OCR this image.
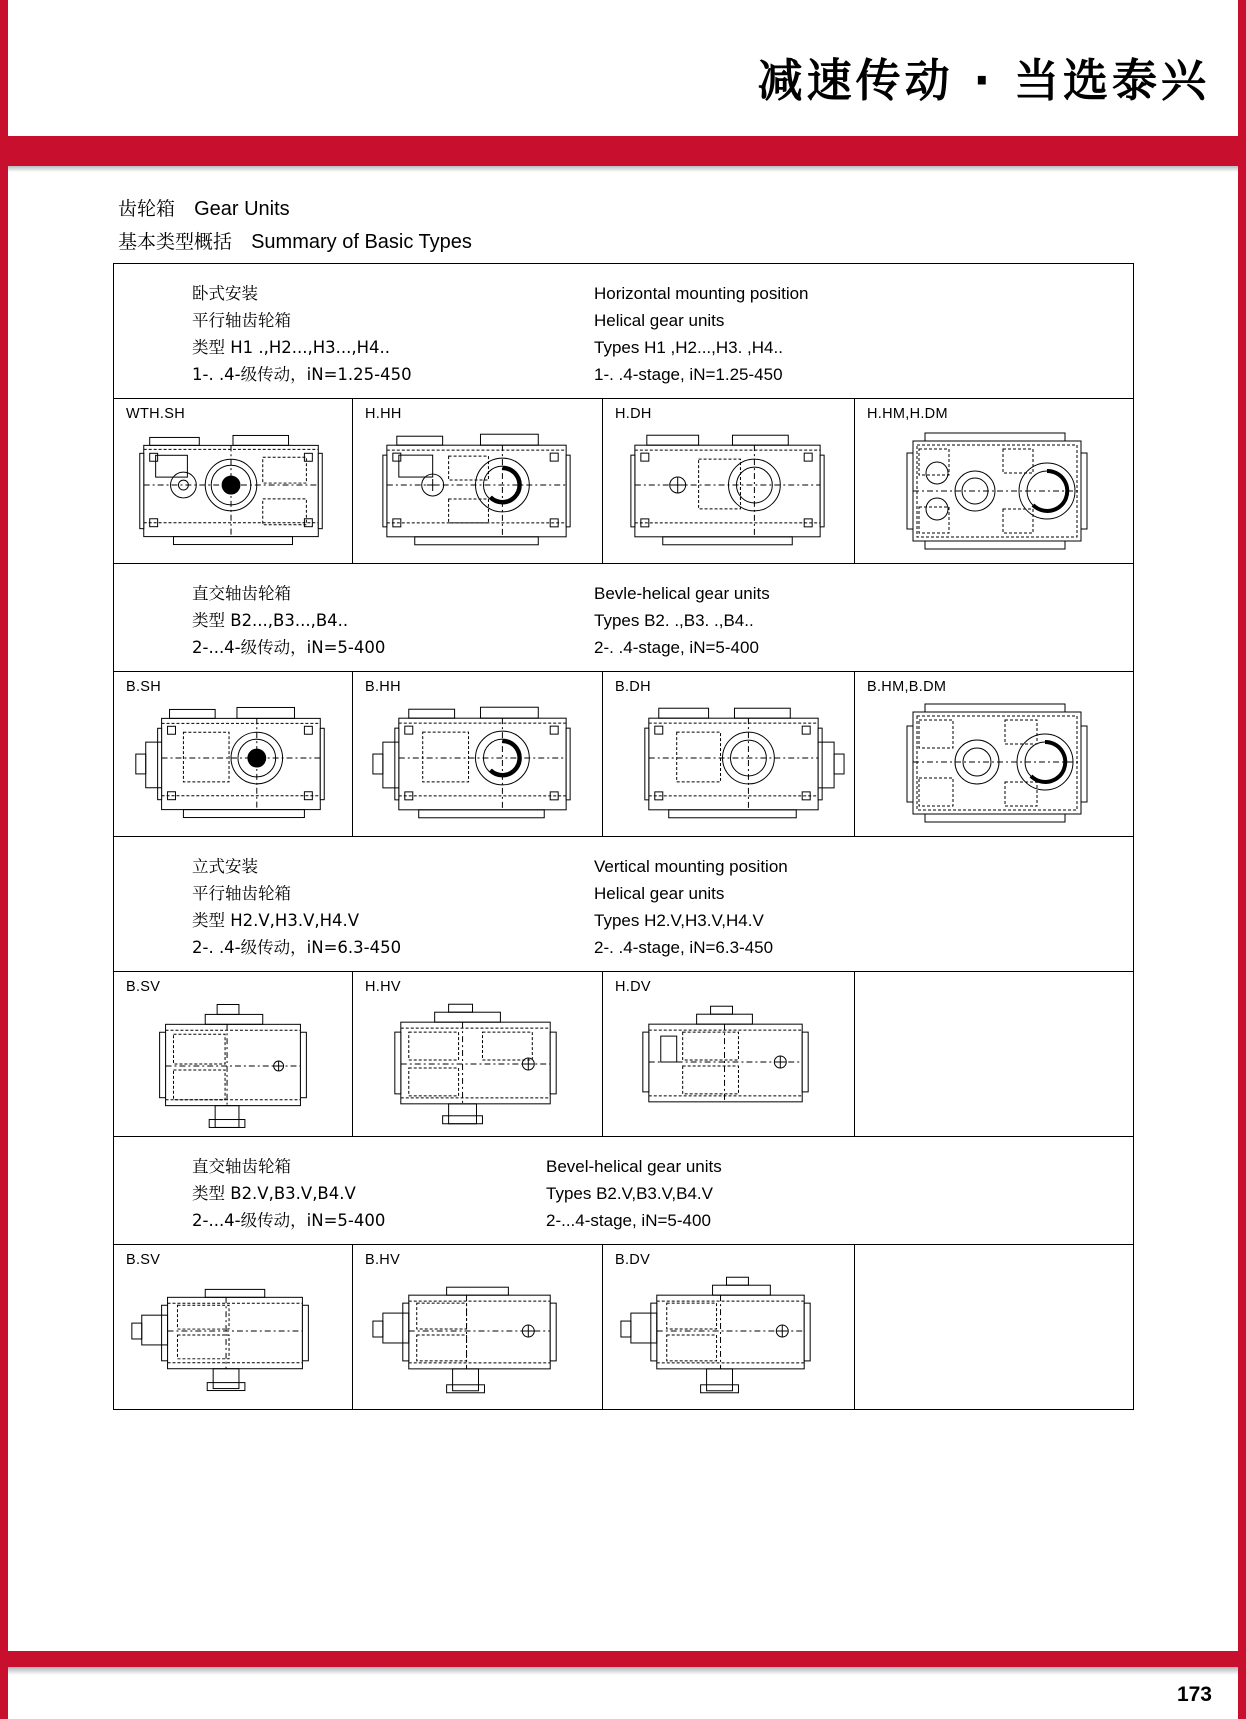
减速传动 · 当选泰兴
齿轮箱 Gear Units
基本类型概括 Summary of Basic Types
卧式安装
平行轴齿轮箱
类型 H1 .,H2...,H3...,H4..
1-. .4-级传动，iN=1.25-450
Horizontal mounting position
Helical gear units
Types H1 ,H2...,H3. ,H4..
1-. .4-stage, iN=1.25-450
WTH.SH	H.HH	H.DH	H.HM,H.DM
直交轴齿轮箱
类型 B2...,B3...,B4..
2-...4-级传动，iN=5-400
Bevle-helical gear units
Types B2. .,B3. .,B4..
2-. .4-stage, iN=5-400
B.SH	B.HH	B.DH	B.HM,B.DM
立式安装
平行轴齿轮箱
类型 H2.V,H3.V,H4.V
2-. .4-级传动，iN=6.3-450
Vertical mounting position
Helical gear units
Types H2.V,H3.V,H4.V
2-. .4-stage, iN=6.3-450
B.SV	H.HV	H.DV
直交轴齿轮箱
类型 B2.V,B3.V,B4.V
2-...4-级传动，iN=5-400
Bevel-helical gear units
Types B2.V,B3.V,B4.V
2-...4-stage, iN=5-400
B.SV	B.HV	B.DV
173
